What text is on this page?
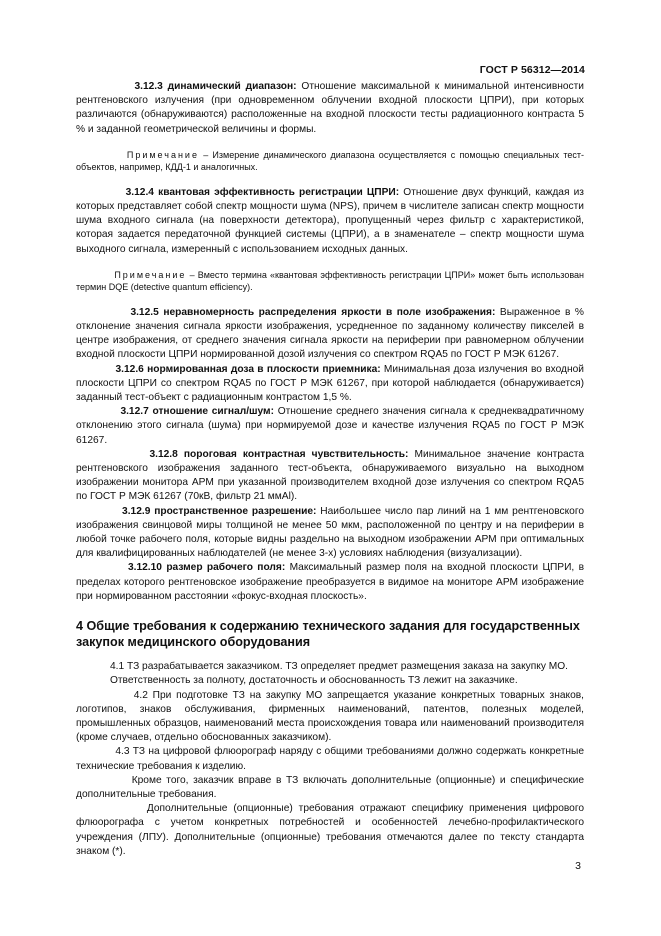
ГОСТ Р 56312—2014

3.12.3 динамический диапазон: Отношение максимальной к минимальной интенсивности рентгеновского излучения (при одновременном облучении входной плоскости ЦПРИ), при которых различаются (обнаруживаются) расположенные на входной плоскости тесты радиационного контраста 5 % и заданной геометрической величины и формы.

Примечание – Измерение динамического диапазона осуществляется с помощью специальных тест-объектов, например, КДД-1 и аналогичных.

3.12.4 квантовая эффективность регистрации ЦПРИ: Отношение двух функций, каждая из которых представляет собой спектр мощности шума (NPS), причем в числителе записан спектр мощности шума входного сигнала (на поверхности детектора), пропущенный через фильтр с характеристикой, которая задается передаточной функцией системы (ЦПРИ), а в знаменателе – спектр мощности шума выходного сигнала, измеренный с использованием исходных данных.

Примечание – Вместо термина «квантовая эффективность регистрации ЦПРИ» может быть использован термин DQE (detective quantum efficiency).

3.12.5 неравномерность распределения яркости в поле изображения: Выраженное в % отклонение значения сигнала яркости изображения, усредненное по заданному количеству пикселей в центре изображения, от среднего значения сигнала яркости на периферии при равномерном облучении входной плоскости ЦПРИ нормированной дозой излучения со спектром RQA5 по ГОСТ Р МЭК 61267.

3.12.6 нормированная доза в плоскости приемника: Минимальная доза излучения во входной плоскости ЦПРИ со спектром RQA5 по ГОСТ Р МЭК 61267, при которой наблюдается (обнаруживается) заданный тест-объект с радиационным контрастом 1,5 %.

3.12.7 отношение сигнал/шум: Отношение среднего значения сигнала к среднеквадратичному отклонению этого сигнала (шума) при нормируемой дозе и качестве излучения RQA5 по ГОСТ Р МЭК 61267.

3.12.8 пороговая контрастная чувствительность: Минимальное значение контраста рентгеновского изображения заданного тест-объекта, обнаруживаемого визуально на выходном изображении монитора АРМ при указанной производителем входной дозе излучения со спектром RQA5 по ГОСТ Р МЭК 61267 (70кВ, фильтр 21 ммAl).

3.12.9 пространственное разрешение: Наибольшее число пар линий на 1 мм рентгеновского изображения свинцовой миры толщиной не менее 50 мкм, расположенной по центру и на периферии в любой точке рабочего поля, которые видны раздельно на выходном изображении АРМ при оптимальных для квалифицированных наблюдателей (не менее 3-х) условиях наблюдения (визуализации).

3.12.10 размер рабочего поля: Максимальный размер поля на входной плоскости ЦПРИ, в пределах которого рентгеновское изображение преобразуется в видимое на мониторе АРМ изображение при нормированном расстоянии «фокус-входная плоскость».

4 Общие требования к содержанию технического задания для государственных закупок медицинского оборудования

4.1 ТЗ разрабатывается заказчиком. ТЗ определяет предмет размещения заказа на закупку МО.

Ответственность за полноту, достаточность и обоснованность ТЗ лежит на заказчике.

4.2 При подготовке ТЗ на закупку МО запрещается указание конкретных товарных знаков, логотипов, знаков обслуживания, фирменных наименований, патентов, полезных моделей, промышленных образцов, наименований места происхождения товара или наименований производителя (кроме случаев, отдельно обоснованных заказчиком).

4.3 ТЗ на цифровой флюорограф наряду с общими требованиями должно содержать конкретные технические требования к изделию.

Кроме того, заказчик вправе в ТЗ включать дополнительные (опционные) и специфические дополнительные требования.

Дополнительные (опционные) требования отражают специфику применения цифрового флюорографа с учетом конкретных потребностей и особенностей лечебно-профилактического учреждения (ЛПУ). Дополнительные (опционные) требования отмечаются далее по тексту стандарта знаком (*).

3
